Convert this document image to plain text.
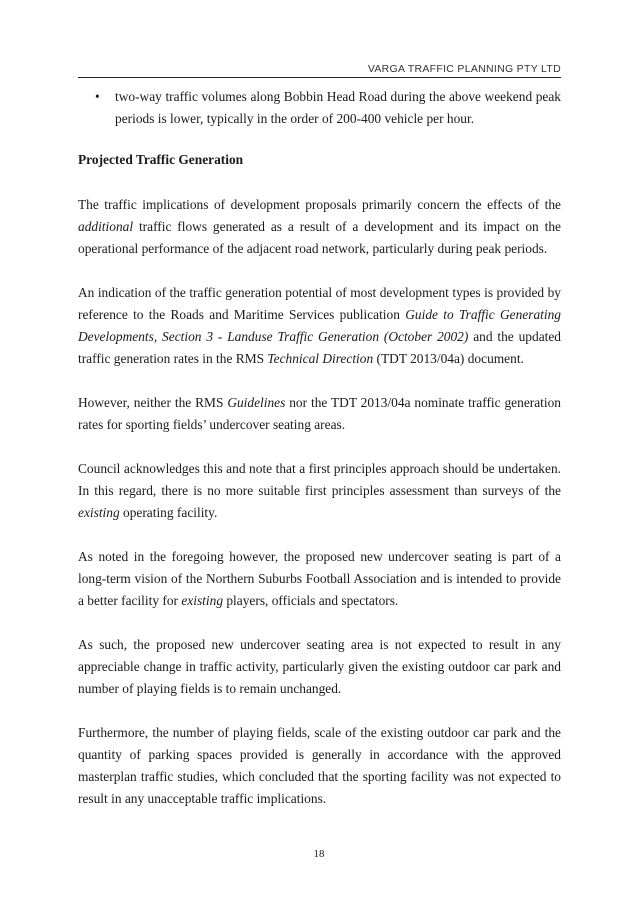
VARGA TRAFFIC PLANNING PTY LTD
• two-way traffic volumes along Bobbin Head Road during the above weekend peak periods is lower, typically in the order of 200-400 vehicle per hour.
Projected Traffic Generation

The traffic implications of development proposals primarily concern the effects of the additional traffic flows generated as a result of a development and its impact on the operational performance of the adjacent road network, particularly during peak periods.

An indication of the traffic generation potential of most development types is provided by reference to the Roads and Maritime Services publication Guide to Traffic Generating Developments, Section 3 - Landuse Traffic Generation (October 2002) and the updated traffic generation rates in the RMS Technical Direction (TDT 2013/04a) document.

However, neither the RMS Guidelines nor the TDT 2013/04a nominate traffic generation rates for sporting fields’ undercover seating areas.

Council acknowledges this and note that a first principles approach should be undertaken. In this regard, there is no more suitable first principles assessment than surveys of the existing operating facility.

As noted in the foregoing however, the proposed new undercover seating is part of a long-term vision of the Northern Suburbs Football Association and is intended to provide a better facility for existing players, officials and spectators.

As such, the proposed new undercover seating area is not expected to result in any appreciable change in traffic activity, particularly given the existing outdoor car park and number of playing fields is to remain unchanged.

Furthermore, the number of playing fields, scale of the existing outdoor car park and the quantity of parking spaces provided is generally in accordance with the approved masterplan traffic studies, which concluded that the sporting facility was not expected to result in any unacceptable traffic implications.

18
